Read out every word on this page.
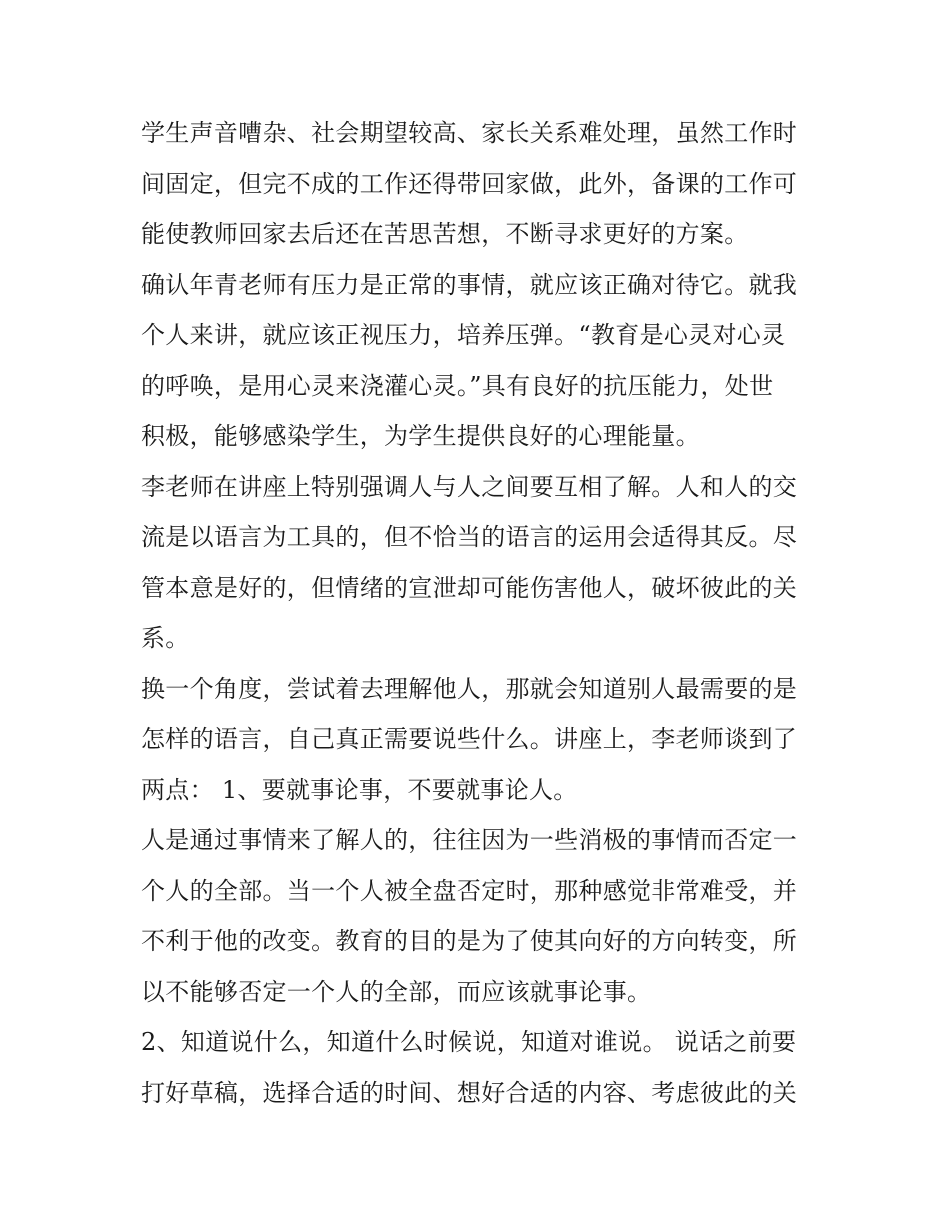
学生声音嘈杂、社会期望较高、家长关系难处理，虽然工作时
间固定，但完不成的工作还得带回家做，此外，备课的工作可
能使教师回家去后还在苦思苦想，不断寻求更好的方案。
确认年青老师有压力是正常的事情，就应该正确对待它。就我
个人来讲，就应该正视压力，培养压弹。“教育是心灵对心灵
的呼唤，是用心灵来浇灌心灵。”具有良好的抗压能力，处世
积极，能够感染学生，为学生提供良好的心理能量。
李老师在讲座上特别强调人与人之间要互相了解。人和人的交
流是以语言为工具的，但不恰当的语言的运用会适得其反。尽
管本意是好的，但情绪的宣泄却可能伤害他人，破坏彼此的关
系。
换一个角度，尝试着去理解他人，那就会知道别人最需要的是
怎样的语言，自己真正需要说些什么。讲座上，李老师谈到了
两点： 1、要就事论事，不要就事论人。
人是通过事情来了解人的，往往因为一些消极的事情而否定一
个人的全部。当一个人被全盘否定时，那种感觉非常难受，并
不利于他的改变。教育的目的是为了使其向好的方向转变，所
以不能够否定一个人的全部，而应该就事论事。
2、知道说什么，知道什么时候说，知道对谁说。 说话之前要
打好草稿，选择合适的时间、想好合适的内容、考虑彼此的关
